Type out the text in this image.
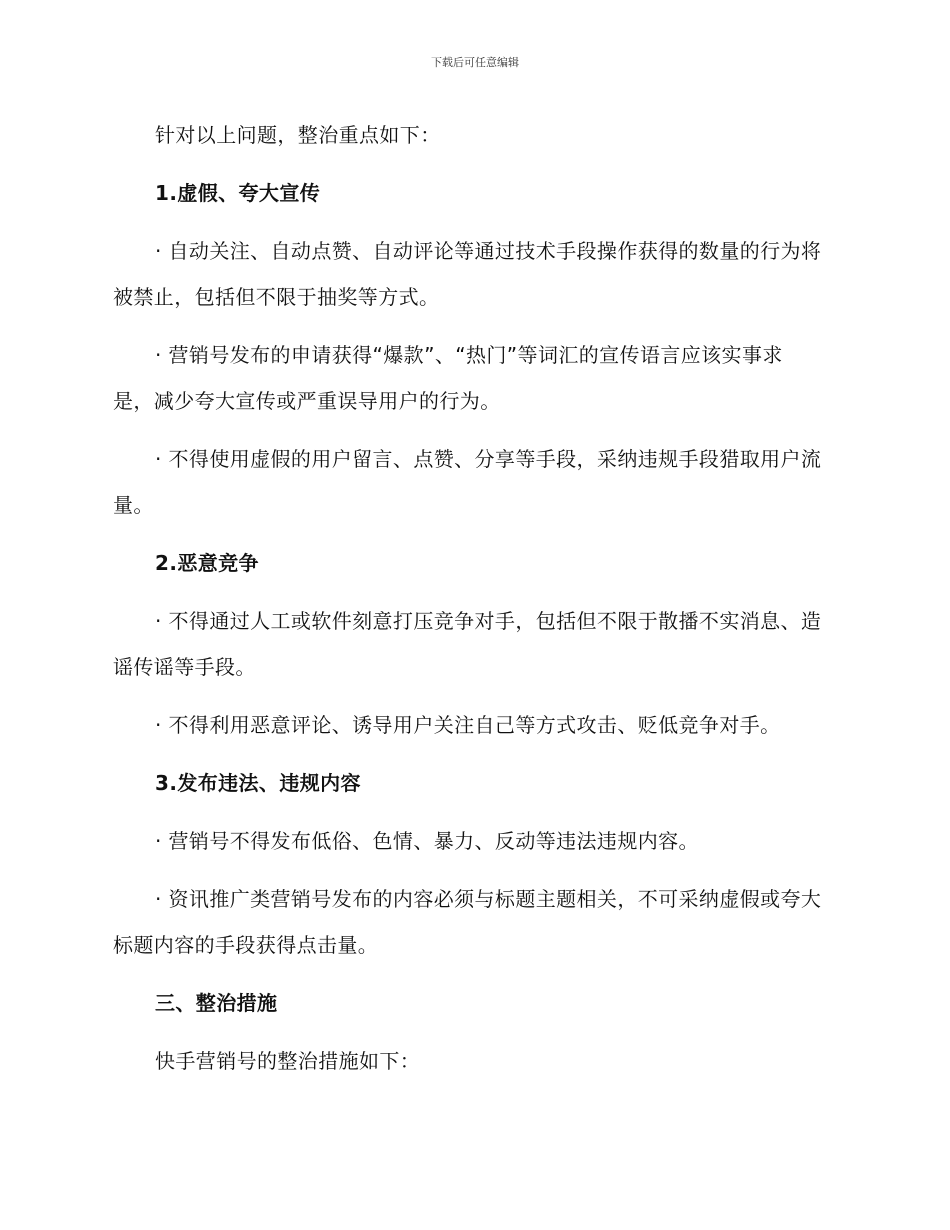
下载后可任意编辑

针对以上问题，整治重点如下：

1.虚假、夸大宣传

· 自动关注、自动点赞、自动评论等通过技术手段操作获得的数量的行为将被禁止，包括但不限于抽奖等方式。

· 营销号发布的申请获得“爆款”、“热门”等词汇的宣传语言应该实事求是，减少夸大宣传或严重误导用户的行为。

· 不得使用虚假的用户留言、点赞、分享等手段，采纳违规手段猎取用户流量。

2.恶意竞争

· 不得通过人工或软件刻意打压竞争对手，包括但不限于散播不实消息、造谣传谣等手段。

· 不得利用恶意评论、诱导用户关注自己等方式攻击、贬低竞争对手。

3.发布违法、违规内容

· 营销号不得发布低俗、色情、暴力、反动等违法违规内容。

· 资讯推广类营销号发布的内容必须与标题主题相关，不可采纳虚假或夸大标题内容的手段获得点击量。

三、整治措施

快手营销号的整治措施如下：
